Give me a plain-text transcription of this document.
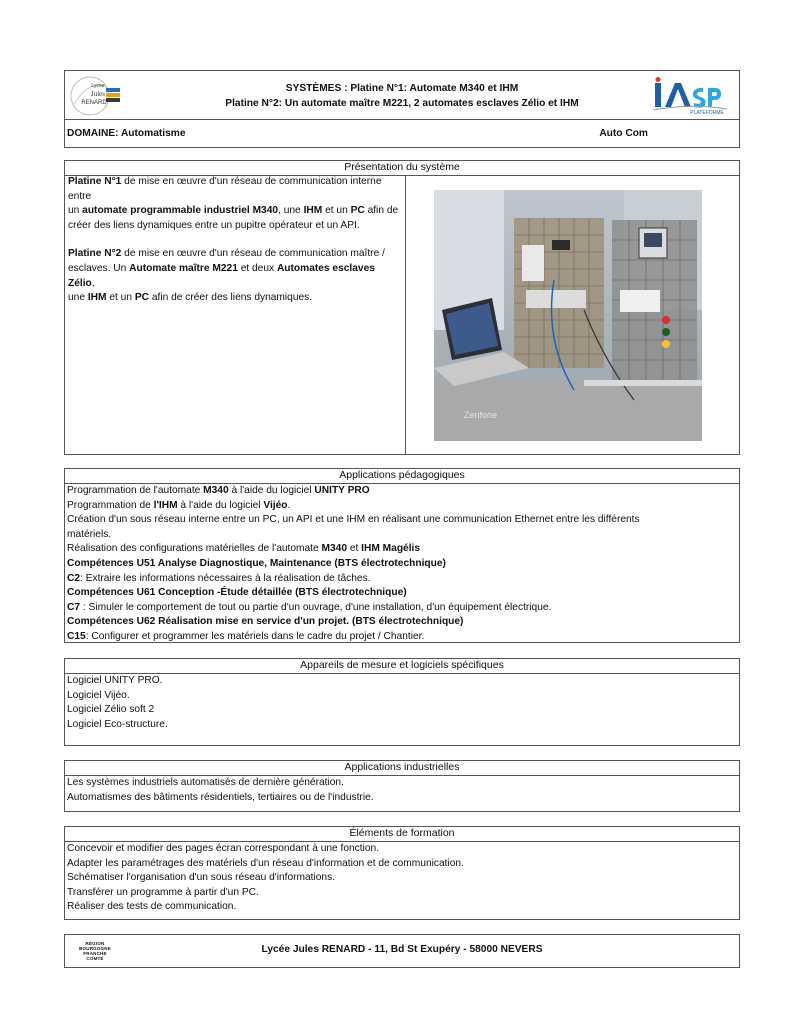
Lycée
Jules
RENARD
SYSTÈMES : Platine N°1: Automate M340 et IHM
Platine N°2: Un automate maître M221, 2 automates esclaves Zélio et IHM
PLATEFORME
DOMAINE: Automatisme	Auto Com
Présentation du système
Platine N°1 de mise en œuvre d'un réseau de communication interne entre
un automate programmable industriel M340, une IHM et un PC afin de
créer des liens dynamiques entre un pupitre opérateur et un API.
Platine N°2 de mise en œuvre d'un réseau de communication maître /
esclaves. Un Automate maître M221 et deux Automates esclaves Zélio,
une IHM et un PC afin de créer des liens dynamiques.
Zenfone
Applications pédagogiques
Programmation de l'automate M340 à l'aide du logiciel UNITY PRO
Programmation de l'IHM à l'aide du logiciel Vijéo.
Création d'un sous réseau interne entre un PC, un API et une IHM en réalisant une communication Ethernet entre les différents
matériels.
Réalisation des configurations matérielles de l'automate M340 et IHM Magélis
Compétences U51 Analyse Diagnostique, Maintenance (BTS électrotechnique)
C2: Extraire les informations nécessaires à la réalisation de tâches.
Compétences U61 Conception -Étude détaillée (BTS électrotechnique)
C7 : Simuler le comportement de tout ou partie d'un ouvrage, d'une installation, d'un équipement électrique.
Compétences U62 Réalisation mise en service d'un projet. (BTS électrotechnique)
C15: Configurer et programmer les matériels dans le cadre du projet / Chantier.
Appareils de mesure et logiciels spécifiques
Logiciel UNITY PRO.
Logiciel Vijéo.
Logiciel Zélio soft 2
Logiciel Eco-structure.
Applications industrielles
Les systèmes industriels automatisés de dernière génération.
Automatismes des bâtiments résidentiels, tertiaires ou de l'industrie.
Éléments de formation
Concevoir et modifier des pages écran correspondant à une fonction.
Adapter les paramétrages des matériels d'un réseau d'information et de communication.
Schématiser l'organisation d'un sous réseau d'informations.
Transférer un programme à partir d'un PC.
Réaliser des tests de communication.
RÉGION
BOURGOGNE
FRANCHE
COMTÉ
Lycée Jules RENARD - 11, Bd St Exupéry - 58000 NEVERS
